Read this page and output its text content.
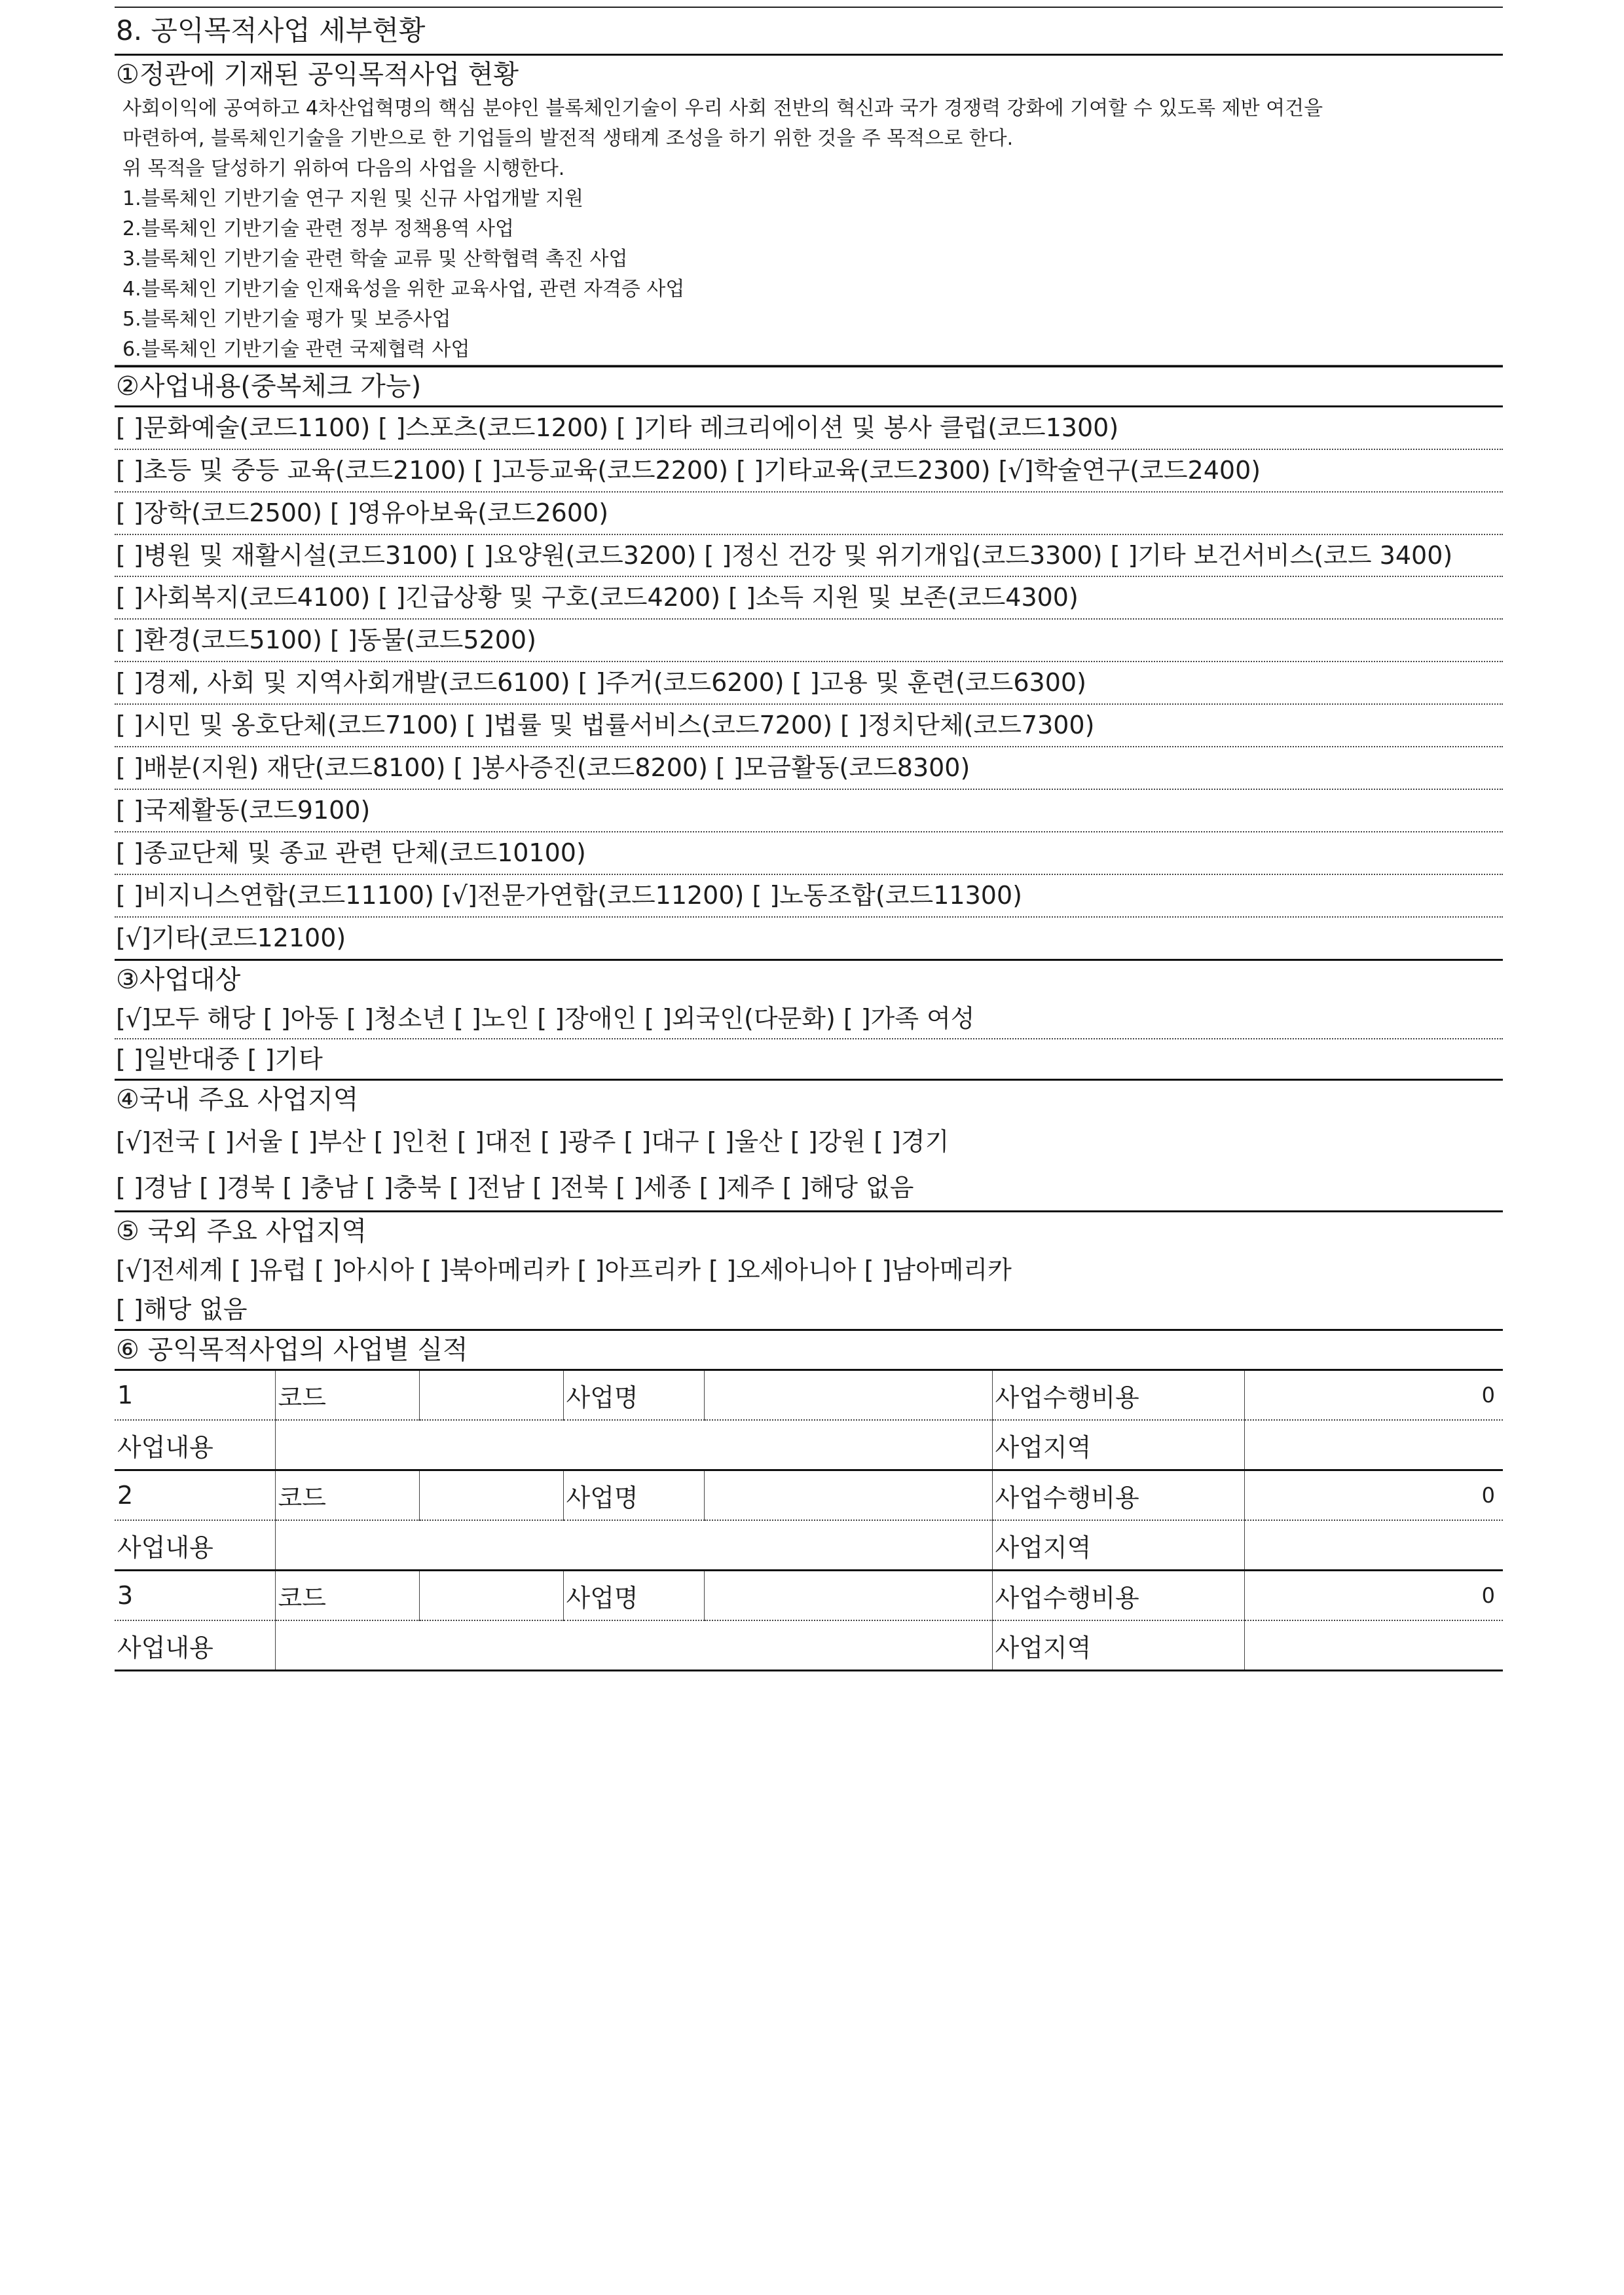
8. 공익목적사업 세부현황
①정관에 기재된 공익목적사업 현황
사회이익에 공여하고 4차산업혁명의 핵심 분야인 블록체인기술이 우리 사회 전반의 혁신과 국가 경쟁력 강화에 기여할 수 있도록 제반 여건을
마련하여, 블록체인기술을 기반으로 한 기업들의 발전적 생태계 조성을 하기 위한 것을 주 목적으로 한다.
위 목적을 달성하기 위하여 다음의 사업을 시행한다.
1.블록체인 기반기술 연구 지원 및 신규 사업개발 지원
2.블록체인 기반기술 관련 정부 정책용역 사업
3.블록체인 기반기술 관련 학술 교류 및 산학협력 촉진 사업
4.블록체인 기반기술 인재육성을 위한 교육사업, 관련 자격증 사업
5.블록체인 기반기술 평가 및 보증사업
6.블록체인 기반기술 관련 국제협력 사업
②사업내용(중복체크 가능)
[ ]문화예술(코드1100) [ ]스포츠(코드1200) [ ]기타 레크리에이션 및 봉사 클럽(코드1300)
[ ]초등 및 중등 교육(코드2100) [ ]고등교육(코드2200) [ ]기타교육(코드2300) [√]학술연구(코드2400)
[ ]장학(코드2500) [ ]영유아보육(코드2600)
[ ]병원 및 재활시설(코드3100) [ ]요양원(코드3200) [ ]정신 건강 및 위기개입(코드3300) [ ]기타 보건서비스(코드 3400)
[ ]사회복지(코드4100) [ ]긴급상황 및 구호(코드4200) [ ]소득 지원 및 보존(코드4300)
[ ]환경(코드5100) [ ]동물(코드5200)
[ ]경제, 사회 및 지역사회개발(코드6100) [ ]주거(코드6200) [ ]고용 및 훈련(코드6300)
[ ]시민 및 옹호단체(코드7100) [ ]법률 및 법률서비스(코드7200) [ ]정치단체(코드7300)
[ ]배분(지원) 재단(코드8100) [ ]봉사증진(코드8200) [ ]모금활동(코드8300)
[ ]국제활동(코드9100)
[ ]종교단체 및 종교 관련 단체(코드10100)
[ ]비지니스연합(코드11100) [√]전문가연합(코드11200) [ ]노동조합(코드11300)
[√]기타(코드12100)
③사업대상
[√]모두 해당 [ ]아동 [ ]청소년 [ ]노인 [ ]장애인 [ ]외국인(다문화) [ ]가족 여성
[ ]일반대중 [ ]기타
④국내 주요 사업지역
[√]전국 [ ]서울 [ ]부산 [ ]인천 [ ]대전 [ ]광주 [ ]대구 [ ]울산 [ ]강원 [ ]경기
[ ]경남 [ ]경북 [ ]충남 [ ]충북 [ ]전남 [ ]전북 [ ]세종 [ ]제주 [ ]해당 없음
⑤ 국외 주요 사업지역
[√]전세계 [ ]유럽 [ ]아시아 [ ]북아메리카 [ ]아프리카 [ ]오세아니아 [ ]남아메리카
[ ]해당 없음
⑥ 공익목적사업의 사업별 실적
1	코드		사업명		사업수행비용	0
사업내용					사업지역	
2	코드		사업명		사업수행비용	0
사업내용					사업지역	
3	코드		사업명		사업수행비용	0
사업내용					사업지역	
